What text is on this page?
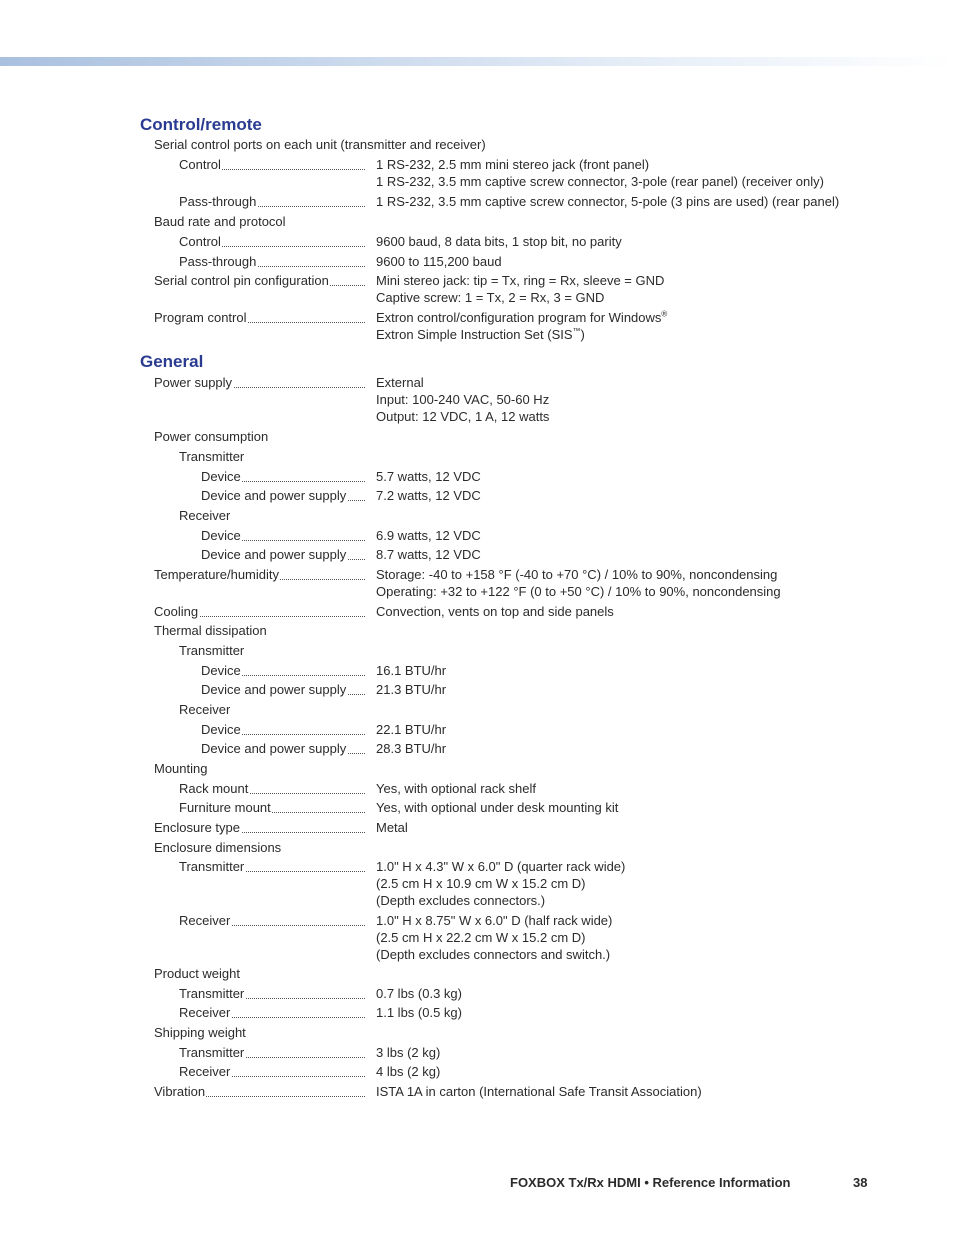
Control/remote
Serial control ports on each unit (transmitter and receiver)
Control	1 RS-232, 2.5 mm mini stereo jack (front panel)
1 RS-232, 3.5 mm captive screw connector, 3-pole (rear panel) (receiver only)
Pass-through	1 RS-232, 3.5 mm captive screw connector, 5-pole (3 pins are used) (rear panel)
Baud rate and protocol
Control	9600 baud, 8 data bits, 1 stop bit, no parity
Pass-through	9600 to 115,200 baud
Serial control pin configuration	Mini stereo jack: tip = Tx, ring = Rx, sleeve = GND
Captive screw: 1 = Tx, 2 = Rx, 3 = GND
Program control	Extron control/configuration program for Windows®
Extron Simple Instruction Set (SIS™)
General
Power supply	External
Input: 100-240 VAC, 50-60 Hz
Output: 12 VDC, 1 A, 12 watts
Power consumption
Transmitter
Device	5.7 watts, 12 VDC
Device and power supply	7.2 watts, 12 VDC
Receiver
Device	6.9 watts, 12 VDC
Device and power supply	8.7 watts, 12 VDC
Temperature/humidity	Storage: -40 to +158 °F (-40 to +70 °C) / 10% to 90%, noncondensing
Operating: +32 to +122 °F (0 to +50 °C) / 10% to 90%, noncondensing
Cooling	Convection, vents on top and side panels
Thermal dissipation
Transmitter
Device	16.1 BTU/hr
Device and power supply	21.3 BTU/hr
Receiver
Device	22.1 BTU/hr
Device and power supply	28.3 BTU/hr
Mounting
Rack mount	Yes, with optional rack shelf
Furniture mount	Yes, with optional under desk mounting kit
Enclosure type	Metal
Enclosure dimensions
Transmitter	1.0" H x 4.3" W x 6.0" D (quarter rack wide)
(2.5 cm H x 10.9 cm W x 15.2 cm D)
(Depth excludes connectors.)
Receiver	1.0" H x 8.75" W x 6.0" D (half rack wide)
(2.5 cm H x 22.2 cm W x 15.2 cm D)
(Depth excludes connectors and switch.)
Product weight
Transmitter	0.7 lbs (0.3 kg)
Receiver	1.1 lbs (0.5 kg)
Shipping weight
Transmitter	3 lbs (2 kg)
Receiver	4 lbs (2 kg)
Vibration	ISTA 1A in carton (International Safe Transit Association)
FOXBOX Tx/Rx HDMI • Reference Information	38
